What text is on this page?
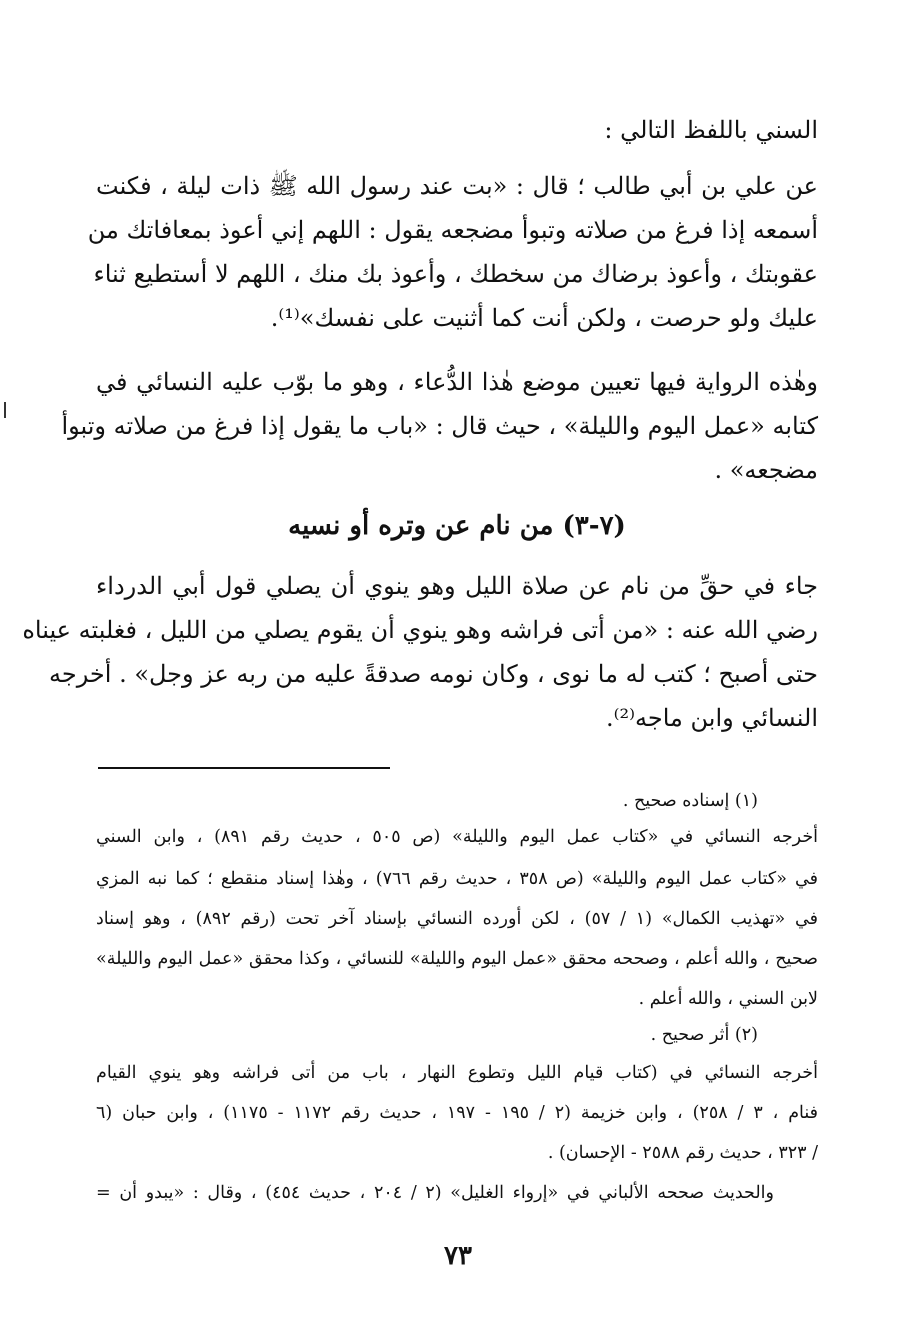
السني باللفظ التالي :
عن علي بن أبي طالب ؛ قال : «بت عند رسول الله ﷺ ذات ليلة ، فكنت
أسمعه إذا فرغ من صلاته وتبوأ مضجعه يقول : اللهم إني أعوذ بمعافاتك من
عقوبتك ، وأعوذ برضاك من سخطك ، وأعوذ بك منك ، اللهم لا أستطيع ثناء
عليك ولو حرصت ، ولكن أنت كما أثنيت على نفسك»⁽¹⁾.
وهٰذه الرواية فيها تعيين موضع هٰذا الدُّعاء ، وهو ما بوّب عليه النسائي في
كتابه «عمل اليوم والليلة» ، حيث قال : «باب ما يقول إذا فرغ من صلاته وتبوأ
مضجعه» .
جاء في حقِّ من نام عن صلاة الليل وهو ينوي أن يصلي قول أبي الدرداء
رضي الله عنه : «من أتى فراشه وهو ينوي أن يقوم يصلي من الليل ، فغلبته عيناه
حتى أصبح ؛ كتب له ما نوى ، وكان نومه صدقةً عليه من ربه عز وجل» . أخرجه
النسائي وابن ماجه⁽²⁾.
(٧-٣) من نام عن وتره أو نسيه
(١) إسناده صحيح .
أخرجه النسائي في «كتاب عمل اليوم والليلة» (ص ٥٠٥ ، حديث رقم ٨٩١) ، وابن السني
في «كتاب عمل اليوم والليلة» (ص ٣٥٨ ، حديث رقم ٧٦٦) ، وهٰذا إسناد منقطع ؛ كما نبه المزي
في «تهذيب الكمال» (١ / ٥٧) ، لكن أورده النسائي بإسناد آخر تحت (رقم ٨٩٢) ، وهو إسناد
صحيح ، والله أعلم ، وصححه محقق «عمل اليوم والليلة» للنسائي ، وكذا محقق «عمل اليوم والليلة»
لابن السني ، والله أعلم .
(٢) أثر صحيح .
أخرجه النسائي في (كتاب قيام الليل وتطوع النهار ، باب من أتى فراشه وهو ينوي القيام
فنام ، ٣ / ٢٥٨) ، وابن خزيمة (٢ / ١٩٥ - ١٩٧ ، حديث رقم ١١٧٢ - ١١٧٥) ، وابن حبان (٦
/ ٣٢٣ ، حديث رقم ٢٥٨٨ - الإحسان) .
والحديث صححه الألباني في «إرواء الغليل» (٢ / ٢٠٤ ، حديث ٤٥٤) ، وقال : «يبدو أن =
٧٣
